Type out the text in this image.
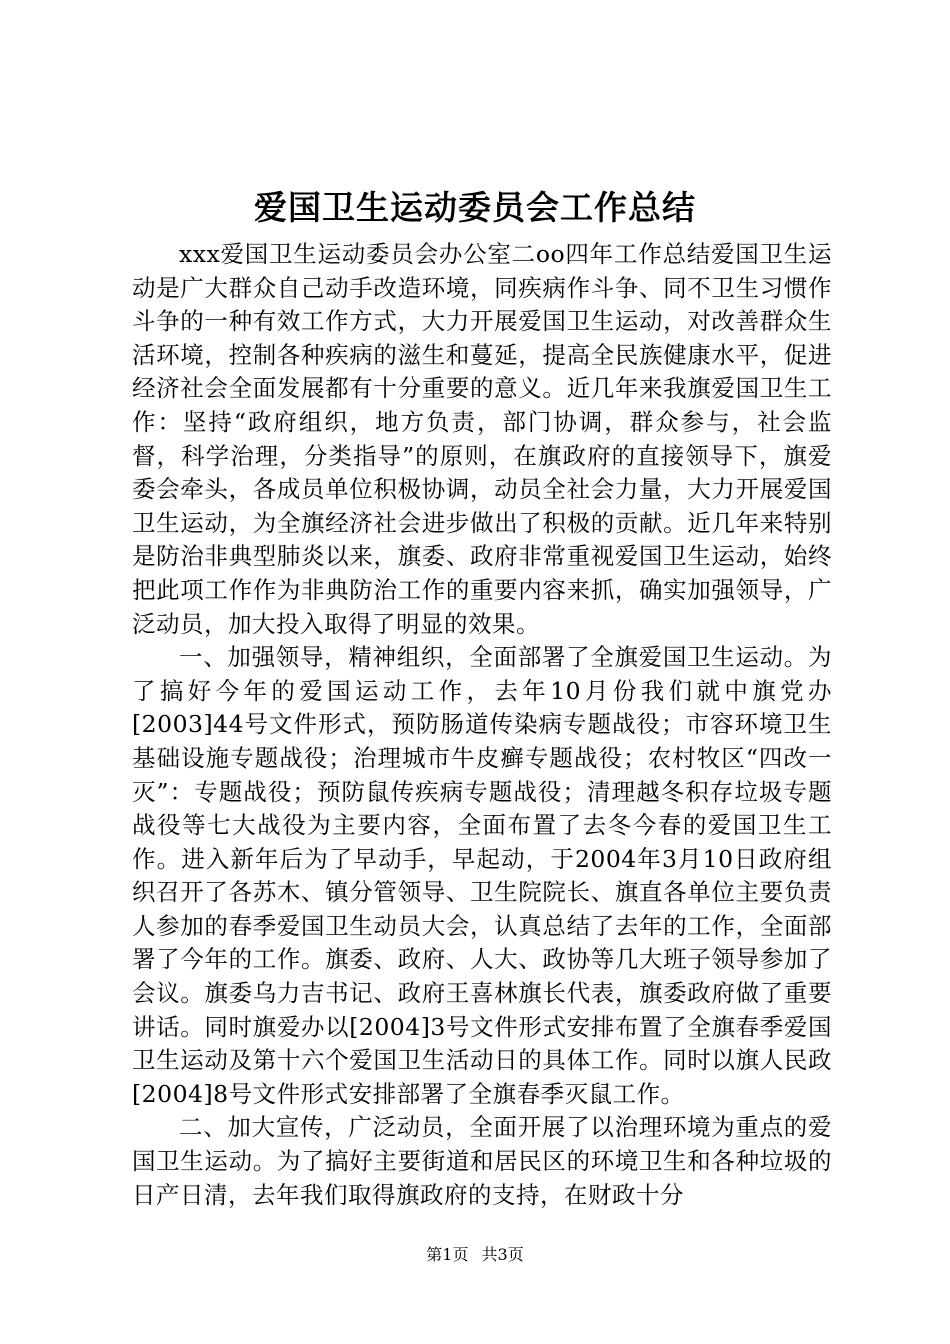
爱国卫生运动委员会工作总结

xxx爱国卫生运动委员会办公室二oo四年工作总结爱国卫生运动是广大群众自己动手改造环境，同疾病作斗争、同不卫生习惯作斗争的一种有效工作方式，大力开展爱国卫生运动，对改善群众生活环境，控制各种疾病的滋生和蔓延，提高全民族健康水平，促进经济社会全面发展都有十分重要的意义。近几年来我旗爱国卫生工作：坚持“政府组织，地方负责，部门协调，群众参与，社会监督，科学治理，分类指导”的原则，在旗政府的直接领导下，旗爱委会牵头，各成员单位积极协调，动员全社会力量，大力开展爱国卫生运动，为全旗经济社会进步做出了积极的贡献。近几年来特别是防治非典型肺炎以来，旗委、政府非常重视爱国卫生运动，始终把此项工作作为非典防治工作的重要内容来抓，确实加强领导，广泛动员，加大投入取得了明显的效果。

一、加强领导，精神组织，全面部署了全旗爱国卫生运动。为了搞好今年的爱国运动工作，去年10月份我们就中旗党办[2003]44号文件形式，预防肠道传染病专题战役；市容环境卫生基础设施专题战役；治理城市牛皮癣专题战役；农村牧区“四改一灭”：专题战役；预防鼠传疾病专题战役；清理越冬积存垃圾专题战役等七大战役为主要内容，全面布置了去冬今春的爱国卫生工作。进入新年后为了早动手，早起动，于2004年3月10日政府组织召开了各苏木、镇分管领导、卫生院院长、旗直各单位主要负责人参加的春季爱国卫生动员大会，认真总结了去年的工作，全面部署了今年的工作。旗委、政府、人大、政协等几大班子领导参加了会议。旗委乌力吉书记、政府王喜林旗长代表，旗委政府做了重要讲话。同时旗爱办以[2004]3号文件形式安排布置了全旗春季爱国卫生运动及第十六个爱国卫生活动日的具体工作。同时以旗人民政[2004]8号文件形式安排部署了全旗春季灭鼠工作。

二、加大宣传，广泛动员，全面开展了以治理环境为重点的爱国卫生运动。为了搞好主要街道和居民区的环境卫生和各种垃圾的日产日清，去年我们取得旗政府的支持，在财政十分

第1页 共3页
